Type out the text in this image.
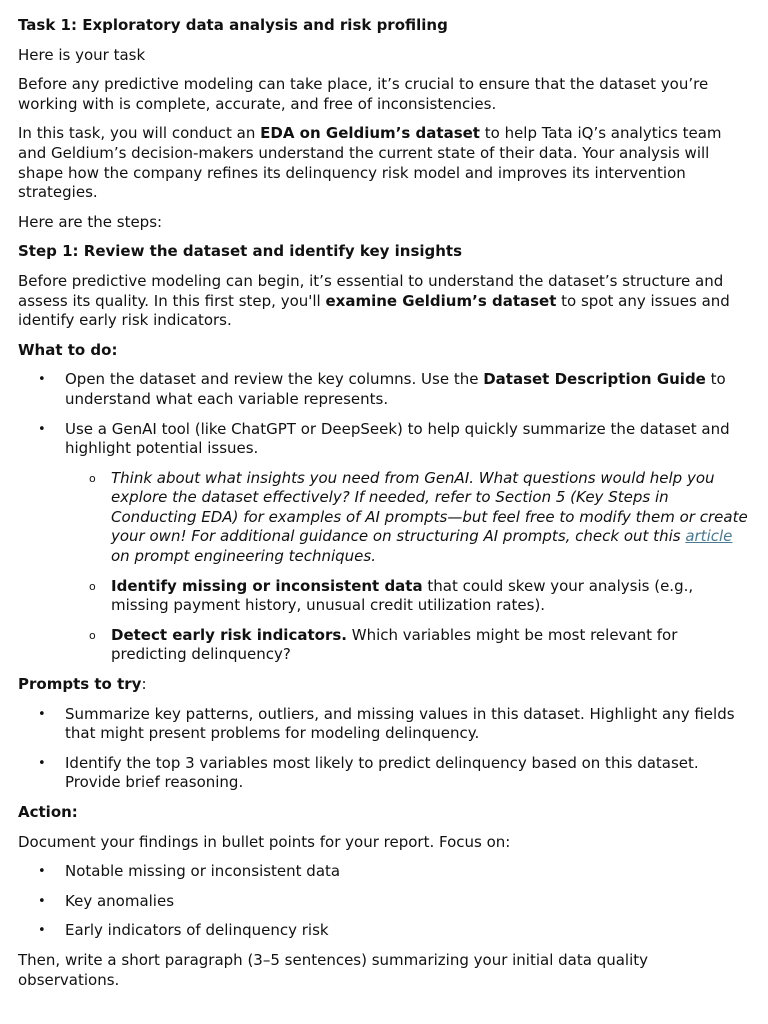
Task 1: Exploratory data analysis and risk profiling

Here is your task

Before any predictive modeling can take place, it’s crucial to ensure that the dataset you’re working with is complete, accurate, and free of inconsistencies.

In this task, you will conduct an EDA on Geldium’s dataset to help Tata iQ’s analytics team and Geldium’s decision-makers understand the current state of their data. Your analysis will shape how the company refines its delinquency risk model and improves its intervention strategies.

Here are the steps:

Step 1: Review the dataset and identify key insights

Before predictive modeling can begin, it’s essential to understand the dataset’s structure and assess its quality. In this first step, you'll examine Geldium’s dataset to spot any issues and identify early risk indicators.

What to do:

• Open the dataset and review the key columns. Use the Dataset Description Guide to understand what each variable represents.
• Use a GenAI tool (like ChatGPT or DeepSeek) to help quickly summarize the dataset and highlight potential issues.
o Think about what insights you need from GenAI. What questions would help you explore the dataset effectively? If needed, refer to Section 5 (Key Steps in Conducting EDA) for examples of AI prompts—but feel free to modify them or create your own! For additional guidance on structuring AI prompts, check out this article on prompt engineering techniques.
o Identify missing or inconsistent data that could skew your analysis (e.g., missing payment history, unusual credit utilization rates).
o Detect early risk indicators. Which variables might be most relevant for predicting delinquency?

Prompts to try:

• Summarize key patterns, outliers, and missing values in this dataset. Highlight any fields that might present problems for modeling delinquency.
• Identify the top 3 variables most likely to predict delinquency based on this dataset. Provide brief reasoning.

Action:

Document your findings in bullet points for your report. Focus on:

• Notable missing or inconsistent data
• Key anomalies
• Early indicators of delinquency risk

Then, write a short paragraph (3–5 sentences) summarizing your initial data quality observations.
